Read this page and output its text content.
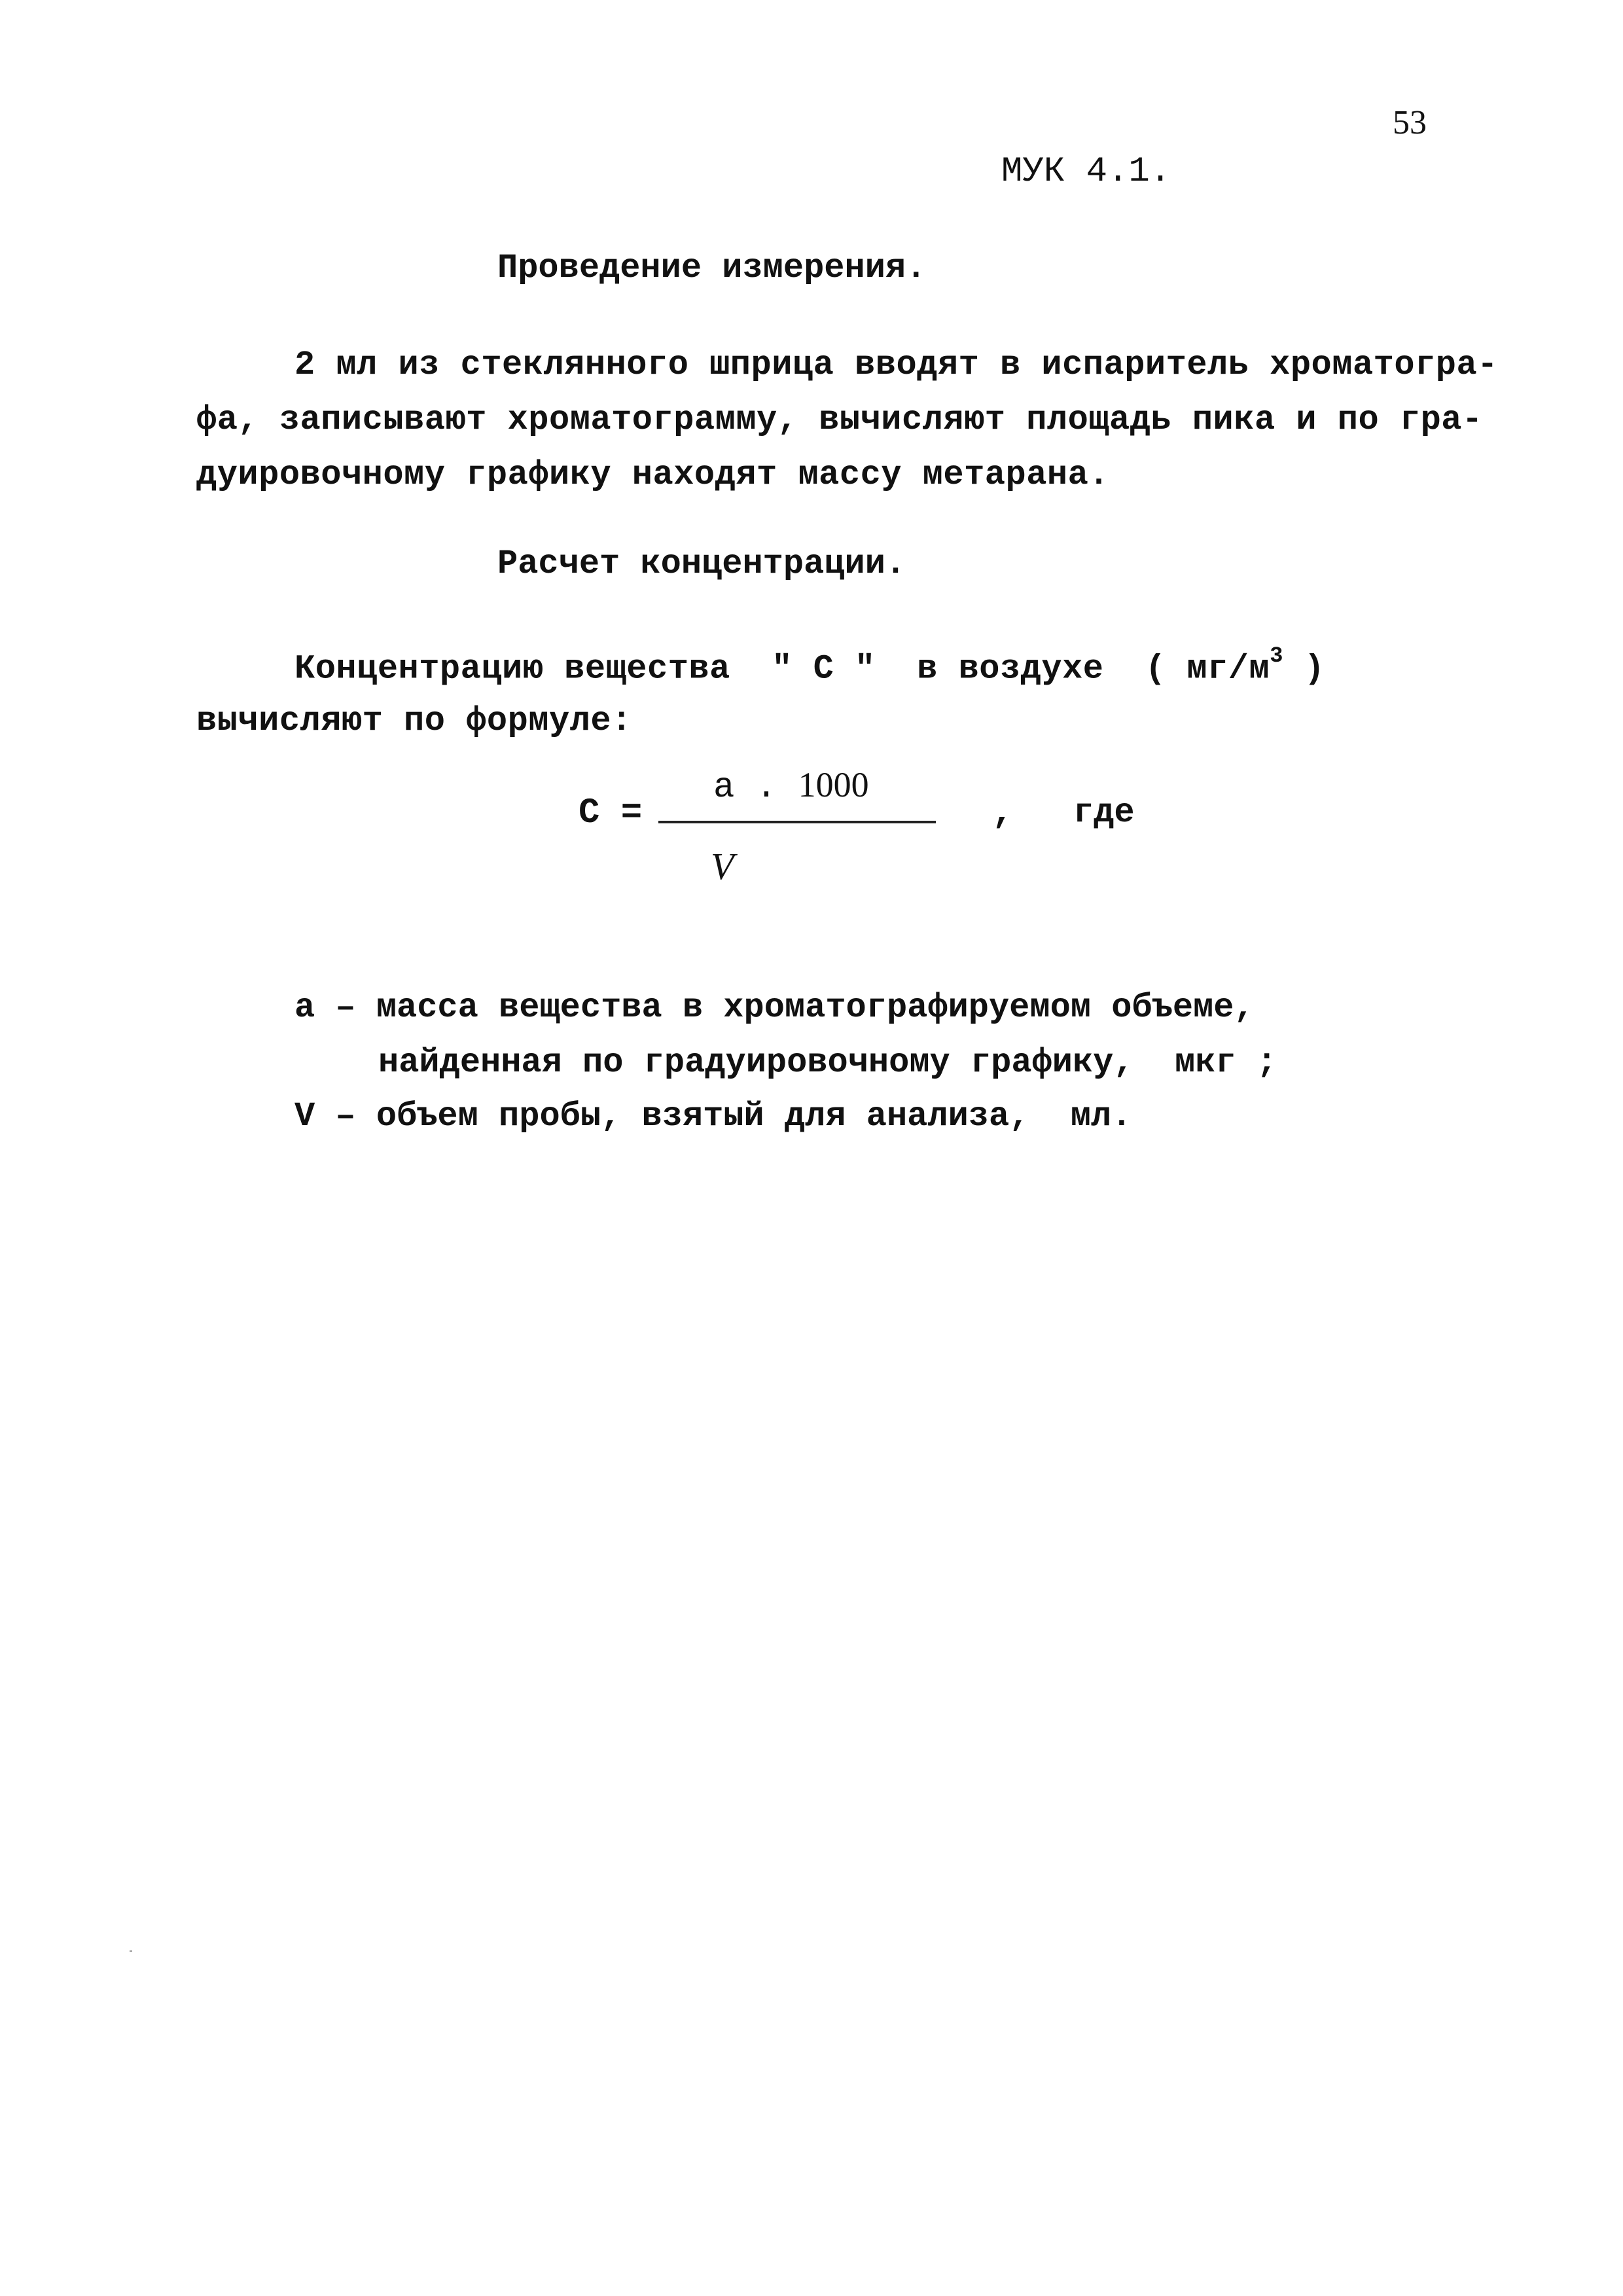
53
МУК 4.1.
Проведение измерения.
2 мл из стеклянного шприца вводят в испаритель хроматогра-
фа, записывают хроматограмму, вычисляют площадь пика и по гра-
дуировочному графику находят массу метарана.
Расчет концентрации.
Концентрацию вещества  " С "  в воздухе  ( $мг/м^3$ )
вычисляют по формуле:
С =
а . 1000
V
, где
а – масса вещества в хроматографируемом объеме,
найденная по градуировочному графику,  мкг ;
V – объем пробы, взятый для анализа,  мл.
